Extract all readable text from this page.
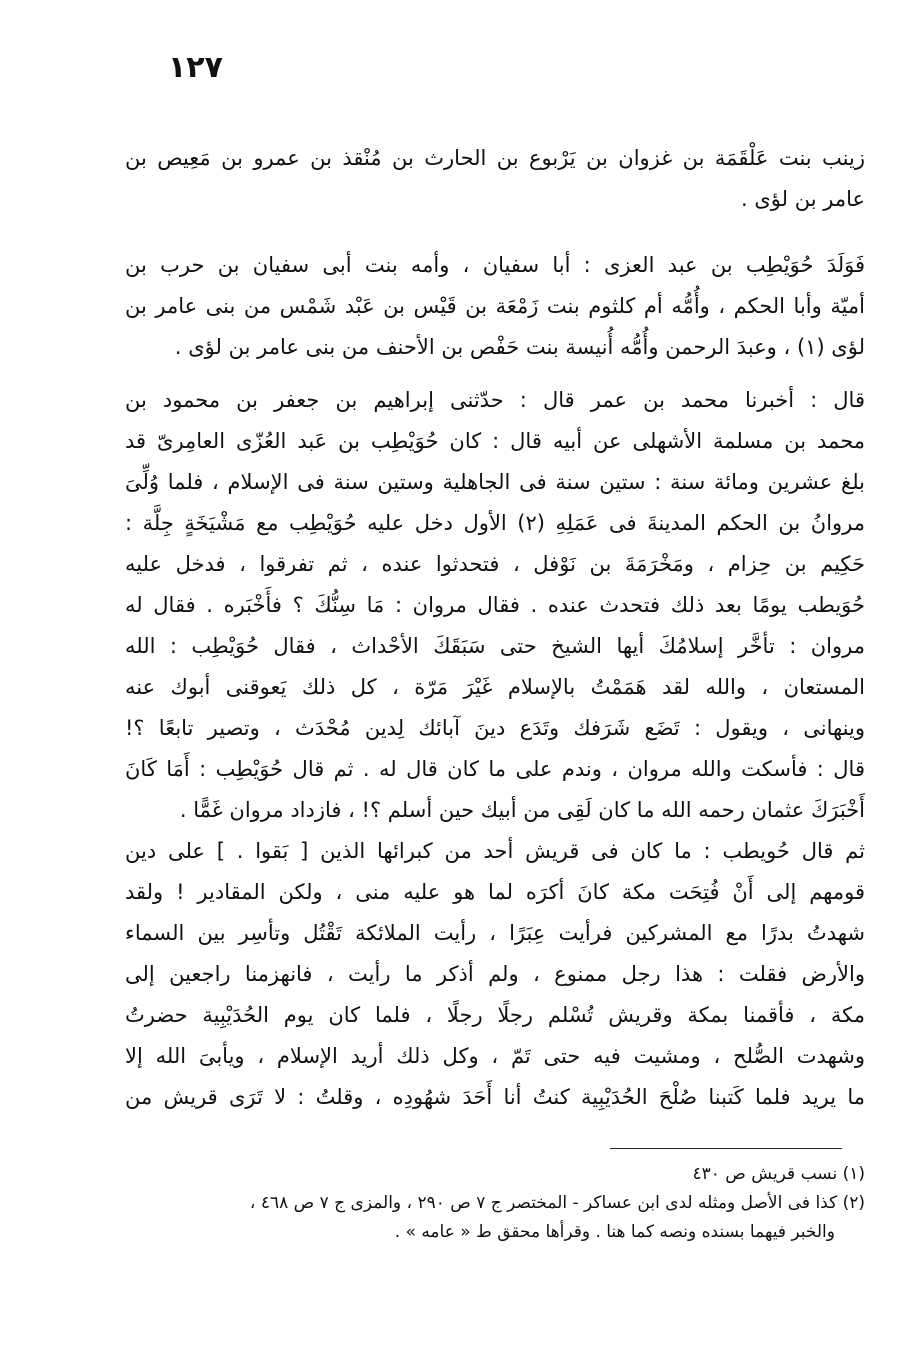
١٢٧
زينب بنت عَلْقَمَة بن غزوان بن يَرْبوع بن الحارث بن مُنْقذ بن عمرو بن مَعِيص بن
عامر بن لؤى .
فَوَلَدَ حُوَيْطِب بن عبد العزى : أبا سفيان ، وأمه بنت أبى سفيان بن حرب بن
أميّة وأبا الحكم ، وأُمُّه أم كلثوم بنت زَمْعَة بن قَيْس بن عَبْد شَمْس من بنى عامر بن
لؤى (١) ، وعبدَ الرحمن وأُمُّه أُنيسة بنت حَفْص بن الأحنف من بنى عامر بن لؤى .
قال : أخبرنا محمد بن عمر قال : حدّثنى إبراهيم بن جعفر بن محمود بن
محمد بن مسلمة الأشهلى عن أبيه قال : كان حُوَيْطِب بن عَبد العُزّى العامِرىّ قد
بلغ عشرين ومائة سنة : ستين سنة فى الجاهلية وستين سنة فى الإسلام ، فلما وُلِّىَ
مروانُ بن الحكم المدينةَ فى عَمَلِهِ (٢) الأول دخل عليه حُوَيْطِب مع مَشْيَخَةٍ جِلَّة :
حَكِيم بن حِزام ، ومَخْرَمَةَ بن نَوْفل ، فتحدثوا عنده ، ثم تفرقوا ، فدخل عليه
حُوَيطب يومًا بعد ذلك فتحدث عنده . فقال مروان : مَا سِنُّكَ ؟ فأَخْبَره . فقال له
مروان : تأخَّر إسلامُكَ أيها الشيخ حتى سَبَقَكَ الأحْداث ، فقال حُوَيْطِب : الله
المستعان ، والله لقد هَمَمْتُ بالإسلام غَيْرَ مَرّة ، كل ذلك يَعوقنى أبوك عنه
وينهانى ، ويقول : تَضَع شَرَفك وتَدَع دينَ آبائك لِدين مُحْدَث ، وتصير تابعًا ؟!
قال : فأسكت والله مروان ، وندم على ما كان قال له . ثم قال حُوَيْطِب : أَمَا كَانَ
أَخْبَرَكَ عثمان رحمه الله ما كان لَقِى من أبيك حين أسلم ؟! ، فازداد مروان غَمًّا .
ثم قال حُويطب : ما كان فى قريش أحد من كبرائها الذين [ بَقوا . ] على دين
قومهم إلى أَنْ فُتِحَت مكة كانَ أكرَه لما هو عليه منى ، ولكن المقادير ! ولقد
شهدتُ بدرًا مع المشركين فرأيت عِبَرًا ، رأيت الملائكة تَقْتُل وتأسِر بين السماء
والأرض فقلت : هذا رجل ممنوع ، ولم أذكر ما رأيت ، فانهزمنا راجعين إلى
مكة ، فأقمنا بمكة وقريش تُسْلم رجلًا رجلًا ، فلما كان يوم الحُدَيْبِية حضرتُ
وشهدت الصُّلح ، ومشيت فيه حتى تَمّ ، وكل ذلك أريد الإسلام ، ويأبىَ الله إلا
ما يريد فلما كَتبنا صُلْحَ الحُدَيْبِية كنتُ أنا أَحَدَ شهُودِه ، وقلتُ : لا تَرَى قريش من
(١) نسب قريش ص ٤٣٠
(٢) كذا فى الأصل ومثله لدى ابن عساكر - المختصر ج ٧ ص ٢٩٠ ، والمزى ج ٧ ص ٤٦٨ ،
والخبر فيهما بسنده ونصه كما هنا . وقرأها محقق ط « عامه » .
